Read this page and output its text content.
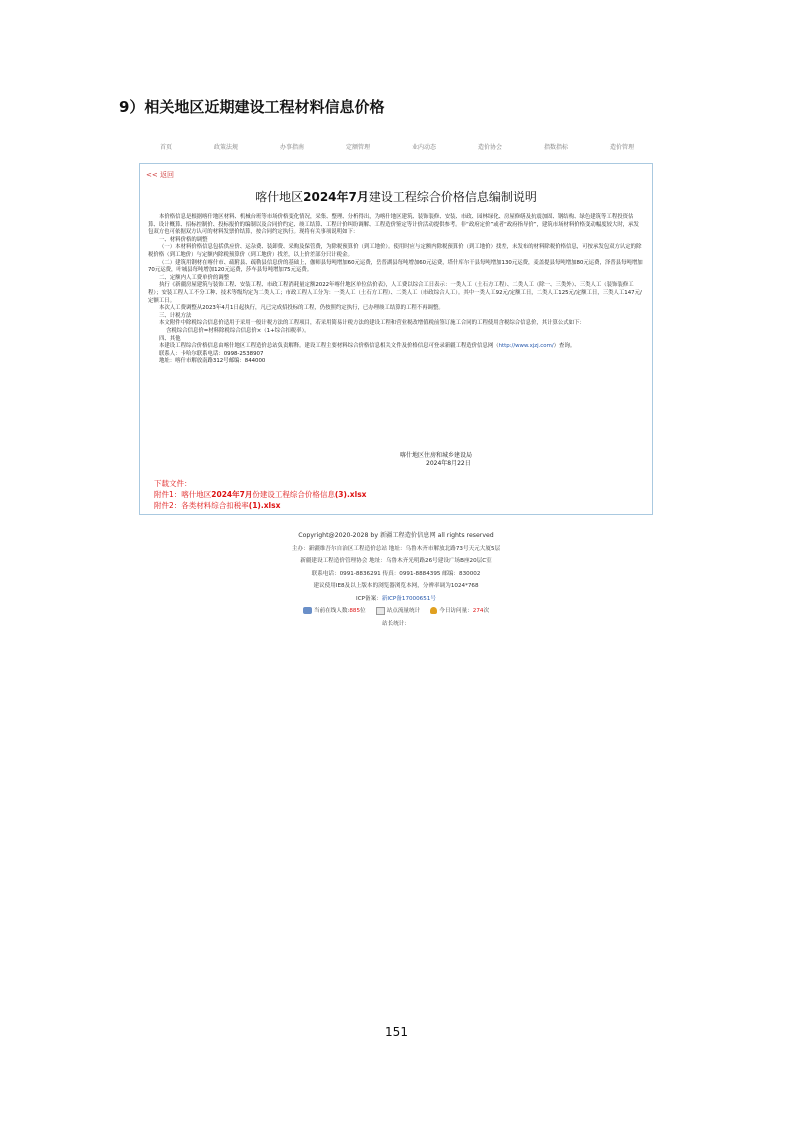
9）相关地区近期建设工程材料信息价格
首页	政策法规	办事指南	定额管理	业内动态	造价协会	指数指标	造价管理
<< 返回
喀什地区2024年7月建设工程综合价格信息编制说明

本价格信息是根据喀什地区材料、机械台班等市场价格变化情况，采集、整理、分析得出，为喀什地区建筑、装饰装修、安装、市政、园林绿化、房屋修缮及抗震加固、钢结构、绿色建筑等工程投资估算、设计概算、招标控制价、投标报价的编制以及合同价约定、竣工结算、工程计价纠纷调解、工程造价鉴定等计价活动提供参考。非“政府定价”或者“政府指导价”，建筑市场材料价格变动幅度较大时，承发包双方也可依据双方认可的材料发票价结算，按合同约定执行。现将有关事项说明如下：

一、材料价格的调整

（一）本材料价格信息包括供应价、运杂费、装卸费、采购及保管费，为除税预算价（到工地价）。使用时应与定额内除税预算价（到工地价）找差，未发布的材料除税价格信息，可按承发包双方认定的除税价格（到工地价）与定额内除税预算价（到工地价）找差，以上价差部分只计税金。

（二）建筑用钢材在喀什市、疏附县、疏勒县信息价的基础上，伽师县每吨增加60元运费，岳普湖县每吨增加60元运费，塔什库尔干县每吨增加130元运费，麦盖提县每吨增加80元运费，泽普县每吨增加70元运费，叶城县每吨增加120元运费，莎车县每吨增加75元运费。

二、定额内人工费单价的调整

执行《新疆房屋建筑与装饰工程、安装工程、市政工程消耗量定额2022年喀什地区单位估价表》，人工费以综合工日表示：一类人工（土石方工程）、二类人工（除一、三类外）、三类人工（装饰装修工程）；安装工程人工不分工种、技术等级均定为二类人工；市政工程人工分为：一类人工（土石方工程）、二类人工（市政综合人工）。其中一类人工92元/定额工日，二类人工125元/定额工日，三类人工147元/定额工日。

本次人工费调整从2023年4月1日起执行，凡已完成招投标的工程，仍按照约定执行，已办理竣工结算的工程不再调整。

三、计税方法

本文附件中除税综合信息价适用于采用一般计税方法的工程项目，若采用简易计税方法的建设工程和营业税改增值税前签订施工合同的工程使用含税综合信息价，其计算公式如下：

含税综合信息价=材料除税综合信息价×（1+综合扣税率）。

四、其他

本建设工程综合价格信息由喀什地区工程造价总站负责解释。建设工程主要材料综合价格信息相关文件及价格信息可登录新疆工程造价信息网（http://www.xjzj.com/）查询。

联系人：卡哈尔联系电话：0998-2538907

地址：喀什市解放南路312号邮编：844000

喀什地区住房和城乡建设局
2024年8月22日
下载文件：
附件1：喀什地区2024年7月份建设工程综合价格信息(3).xlsx
附件2：各类材料综合扣税率(1).xlsx
Copyright@2020-2028 by 新疆工程造价信息网 all rights reserved
主办：新疆维吾尔自治区工程造价总站 地址：乌鲁木齐市解放北路73号天元大厦5层
新疆建设工程造价管理协会 地址：乌鲁木齐光明路26号建设广场B座20层C室
联系电话：0991-8836291 传真：0991-8884395 邮编：830002
建议使用IE8及以上版本的浏览器浏览本网，分辨率调为1024*768
ICP备案：新ICP备17000651号
当前在线人数:885位	站点流量统计	今日访问量：274次
站长统计：
151
